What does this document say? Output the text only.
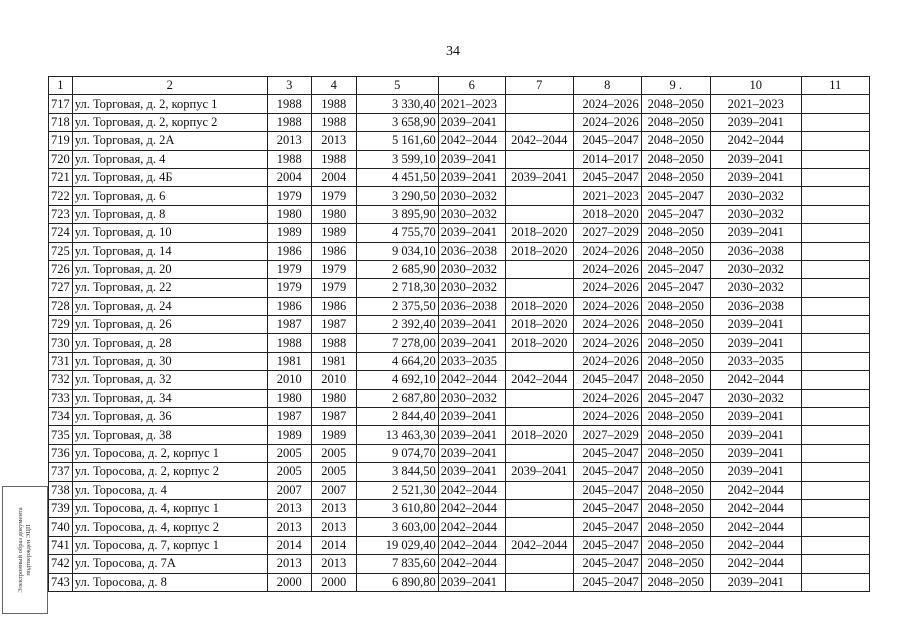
34
1	2	3	4	5	6	7	8	9 .	10	11
717	ул. Торговая, д. 2, корпус 1	1988	1988	3 330,40	2021–2023		2024–2026	2048–2050	2021–2023	
718	ул. Торговая, д. 2, корпус 2	1988	1988	3 658,90	2039–2041		2024–2026	2048–2050	2039–2041	
719	ул. Торговая, д. 2А	2013	2013	5 161,60	2042–2044	2042–2044	2045–2047	2048–2050	2042–2044	
720	ул. Торговая, д. 4	1988	1988	3 599,10	2039–2041		2014–2017	2048–2050	2039–2041	
721	ул. Торговая, д. 4Б	2004	2004	4 451,50	2039–2041	2039–2041	2045–2047	2048–2050	2039–2041	
722	ул. Торговая, д. 6	1979	1979	3 290,50	2030–2032		2021–2023	2045–2047	2030–2032	
723	ул. Торговая, д. 8	1980	1980	3 895,90	2030–2032		2018–2020	2045–2047	2030–2032	
724	ул. Торговая, д. 10	1989	1989	4 755,70	2039–2041	2018–2020	2027–2029	2048–2050	2039–2041	
725	ул. Торговая, д. 14	1986	1986	9 034,10	2036–2038	2018–2020	2024–2026	2048–2050	2036–2038	
726	ул. Торговая, д. 20	1979	1979	2 685,90	2030–2032		2024–2026	2045–2047	2030–2032	
727	ул. Торговая, д. 22	1979	1979	2 718,30	2030–2032		2024–2026	2045–2047	2030–2032	
728	ул. Торговая, д. 24	1986	1986	2 375,50	2036–2038	2018–2020	2024–2026	2048–2050	2036–2038	
729	ул. Торговая, д. 26	1987	1987	2 392,40	2039–2041	2018–2020	2024–2026	2048–2050	2039–2041	
730	ул. Торговая, д. 28	1988	1988	7 278,00	2039–2041	2018–2020	2024–2026	2048–2050	2039–2041	
731	ул. Торговая, д. 30	1981	1981	4 664,20	2033–2035		2024–2026	2048–2050	2033–2035	
732	ул. Торговая, д. 32	2010	2010	4 692,10	2042–2044	2042–2044	2045–2047	2048–2050	2042–2044	
733	ул. Торговая, д. 34	1980	1980	2 687,80	2030–2032		2024–2026	2045–2047	2030–2032	
734	ул. Торговая, д. 36	1987	1987	2 844,40	2039–2041		2024–2026	2048–2050	2039–2041	
735	ул. Торговая, д. 38	1989	1989	13 463,30	2039–2041	2018–2020	2027–2029	2048–2050	2039–2041	
736	ул. Торосова, д. 2, корпус 1	2005	2005	9 074,70	2039–2041		2045–2047	2048–2050	2039–2041	
737	ул. Торосова, д. 2, корпус 2	2005	2005	3 844,50	2039–2041	2039–2041	2045–2047	2048–2050	2039–2041	
738	ул. Торосова, д. 4	2007	2007	2 521,30	2042–2044		2045–2047	2048–2050	2042–2044	
739	ул. Торосова, д. 4, корпус 1	2013	2013	3 610,80	2042–2044		2045–2047	2048–2050	2042–2044	
740	ул. Торосова, д. 4, корпус 2	2013	2013	3 603,00	2042–2044		2045–2047	2048–2050	2042–2044	
741	ул. Торосова, д. 7, корпус 1	2014	2014	19 029,40	2042–2044	2042–2044	2045–2047	2048–2050	2042–2044	
742	ул. Торосова, д. 7А	2013	2013	7 835,60	2042–2044		2045–2047	2048–2050	2042–2044	
743	ул. Торосова, д. 8	2000	2000	6 890,80	2039–2041		2045–2047	2048–2050	2039–2041	
Электронный образ документа подтвержден ЭЦП
